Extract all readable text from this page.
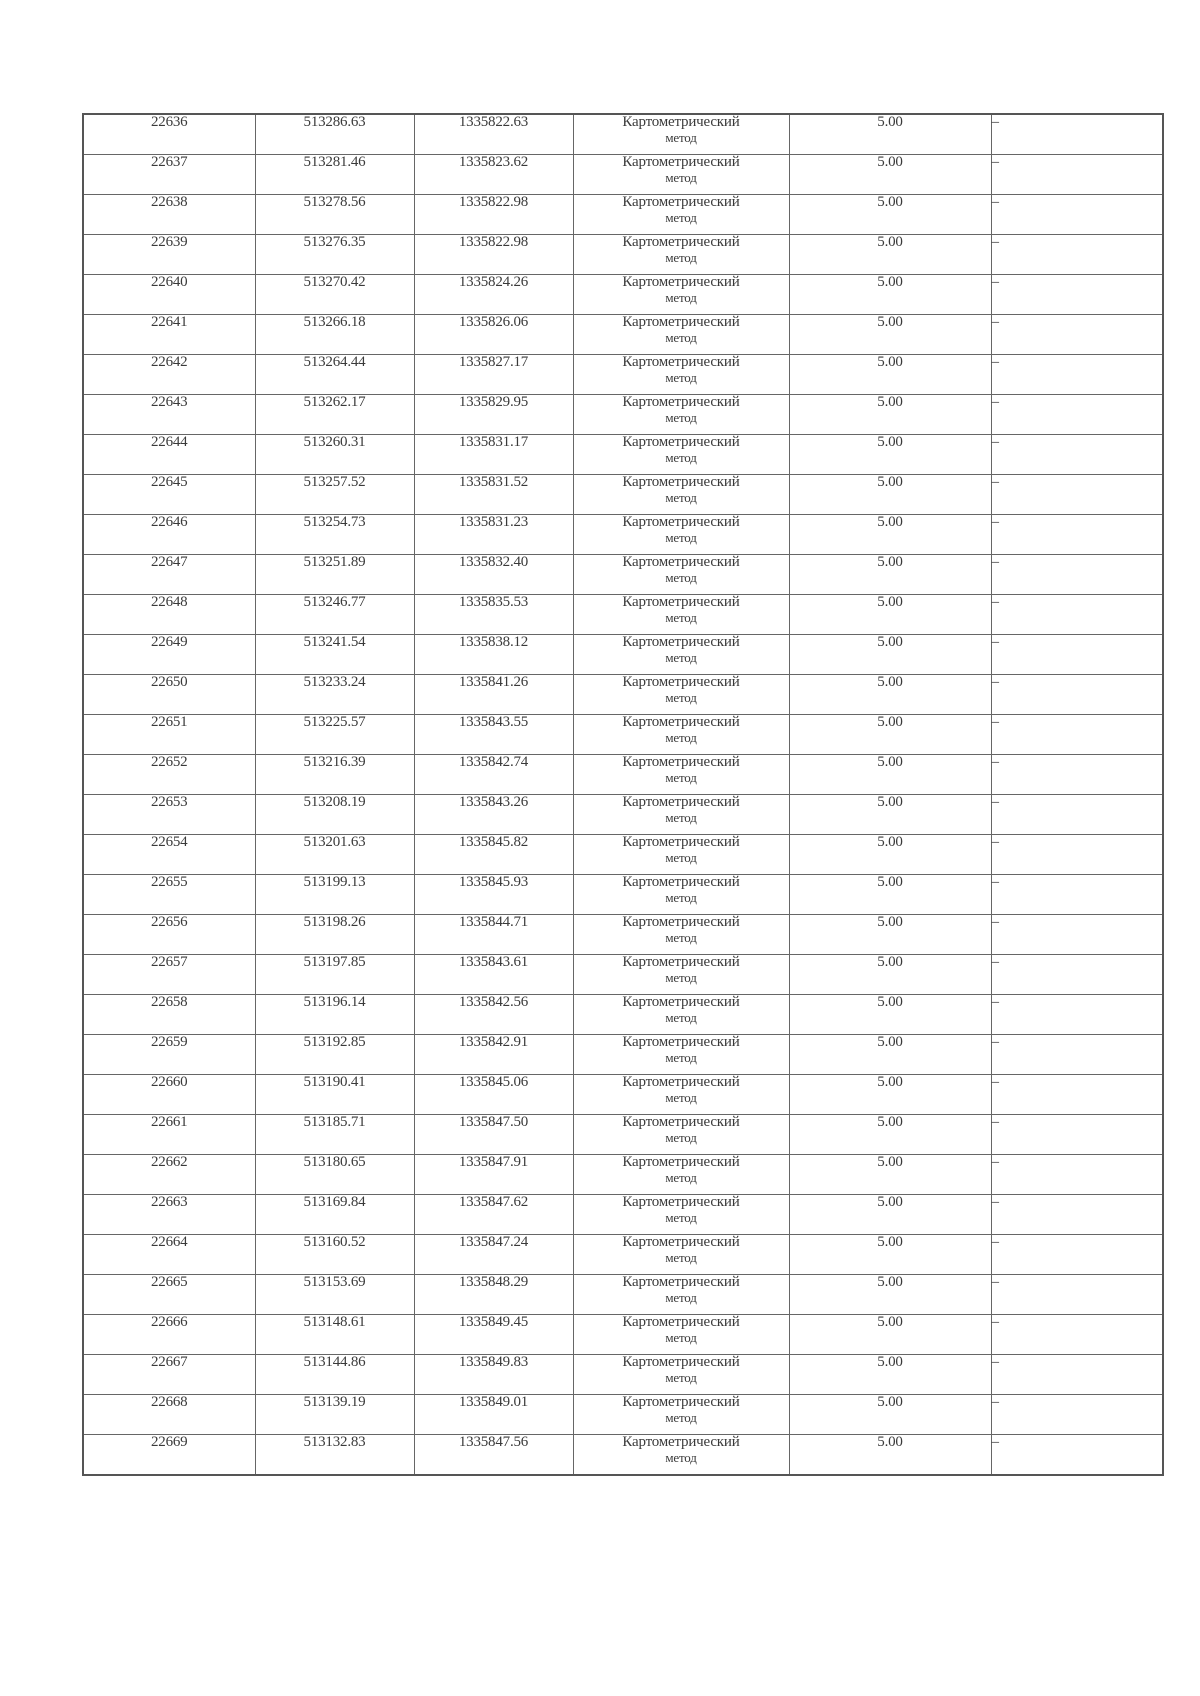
22636	513286.63	1335822.63	Картометрический
метод	5.00	–
22637	513281.46	1335823.62	Картометрический
метод	5.00	–
22638	513278.56	1335822.98	Картометрический
метод	5.00	–
22639	513276.35	1335822.98	Картометрический
метод	5.00	–
22640	513270.42	1335824.26	Картометрический
метод	5.00	–
22641	513266.18	1335826.06	Картометрический
метод	5.00	–
22642	513264.44	1335827.17	Картометрический
метод	5.00	–
22643	513262.17	1335829.95	Картометрический
метод	5.00	–
22644	513260.31	1335831.17	Картометрический
метод	5.00	–
22645	513257.52	1335831.52	Картометрический
метод	5.00	–
22646	513254.73	1335831.23	Картометрический
метод	5.00	–
22647	513251.89	1335832.40	Картометрический
метод	5.00	–
22648	513246.77	1335835.53	Картометрический
метод	5.00	–
22649	513241.54	1335838.12	Картометрический
метод	5.00	–
22650	513233.24	1335841.26	Картометрический
метод	5.00	–
22651	513225.57	1335843.55	Картометрический
метод	5.00	–
22652	513216.39	1335842.74	Картометрический
метод	5.00	–
22653	513208.19	1335843.26	Картометрический
метод	5.00	–
22654	513201.63	1335845.82	Картометрический
метод	5.00	–
22655	513199.13	1335845.93	Картометрический
метод	5.00	–
22656	513198.26	1335844.71	Картометрический
метод	5.00	–
22657	513197.85	1335843.61	Картометрический
метод	5.00	–
22658	513196.14	1335842.56	Картометрический
метод	5.00	–
22659	513192.85	1335842.91	Картометрический
метод	5.00	–
22660	513190.41	1335845.06	Картометрический
метод	5.00	–
22661	513185.71	1335847.50	Картометрический
метод	5.00	–
22662	513180.65	1335847.91	Картометрический
метод	5.00	–
22663	513169.84	1335847.62	Картометрический
метод	5.00	–
22664	513160.52	1335847.24	Картометрический
метод	5.00	–
22665	513153.69	1335848.29	Картометрический
метод	5.00	–
22666	513148.61	1335849.45	Картометрический
метод	5.00	–
22667	513144.86	1335849.83	Картометрический
метод	5.00	–
22668	513139.19	1335849.01	Картометрический
метод	5.00	–
22669	513132.83	1335847.56	Картометрический
метод	5.00	–
